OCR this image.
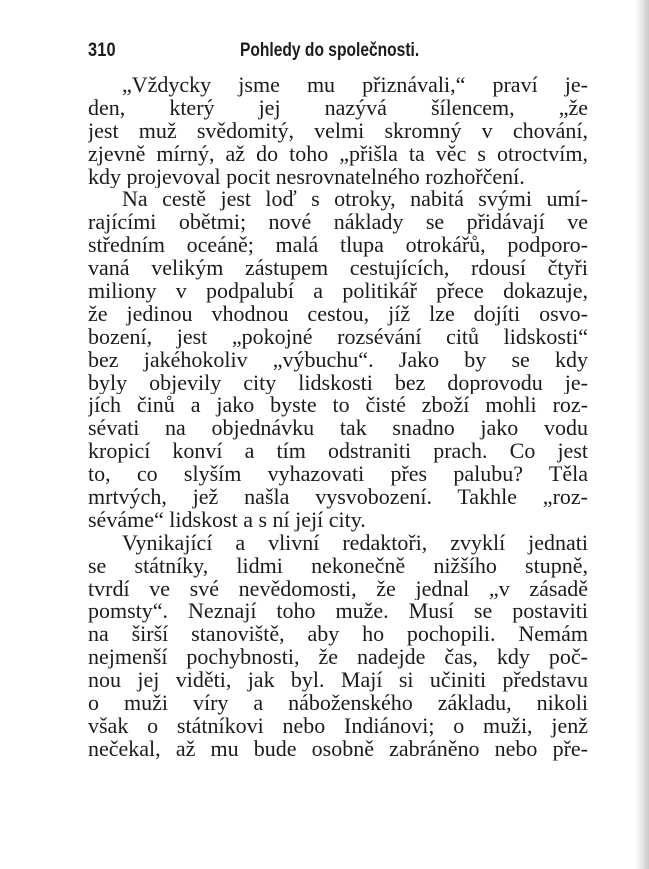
310	Pohledy do společnosti.
„Vždycky jsme mu přiznávali,“ praví je-
den, který jej nazývá šílencem, „že
jest muž svědomitý, velmi skromný v chování,
zjevně mírný, až do toho „přišla ta věc s otroctvím,
kdy projevoval pocit nesrovnatelného rozhořčení.
Na cestě jest loď s otroky, nabitá svými umí-
rajícími obětmi; nové náklady se přidávají ve
středním oceáně; malá tlupa otrokářů, podporo-
vaná velikým zástupem cestujících, rdousí čtyři
miliony v podpalubí a politikář přece dokazuje,
že jedinou vhodnou cestou, jíž lze dojíti osvo-
bození, jest „pokojné rozsévání citů lidskosti“
bez jakéhokoliv „výbuchu“. Jako by se kdy
byly objevily city lidskosti bez doprovodu je-
jích činů a jako byste to čisté zboží mohli roz-
sévati na objednávku tak snadno jako vodu
kropicí konví a tím odstraniti prach. Co jest
to, co slyším vyhazovati přes palubu? Těla
mrtvých, jež našla vysvobození. Takhle „roz-
séváme“ lidskost a s ní její city.
Vynikající a vlivní redaktoři, zvyklí jednati
se státníky, lidmi nekonečně nižšího stupně,
tvrdí ve své nevědomosti, že jednal „v zásadě
pomsty“. Neznají toho muže. Musí se postaviti
na širší stanoviště, aby ho pochopili. Nemám
nejmenší pochybnosti, že nadejde čas, kdy poč-
nou jej viděti, jak byl. Mají si učiniti představu
o muži víry a náboženského základu, nikoli
však o státníkovi nebo Indiánovi; o muži, jenž
nečekal, až mu bude osobně zabráněno nebo pře-
